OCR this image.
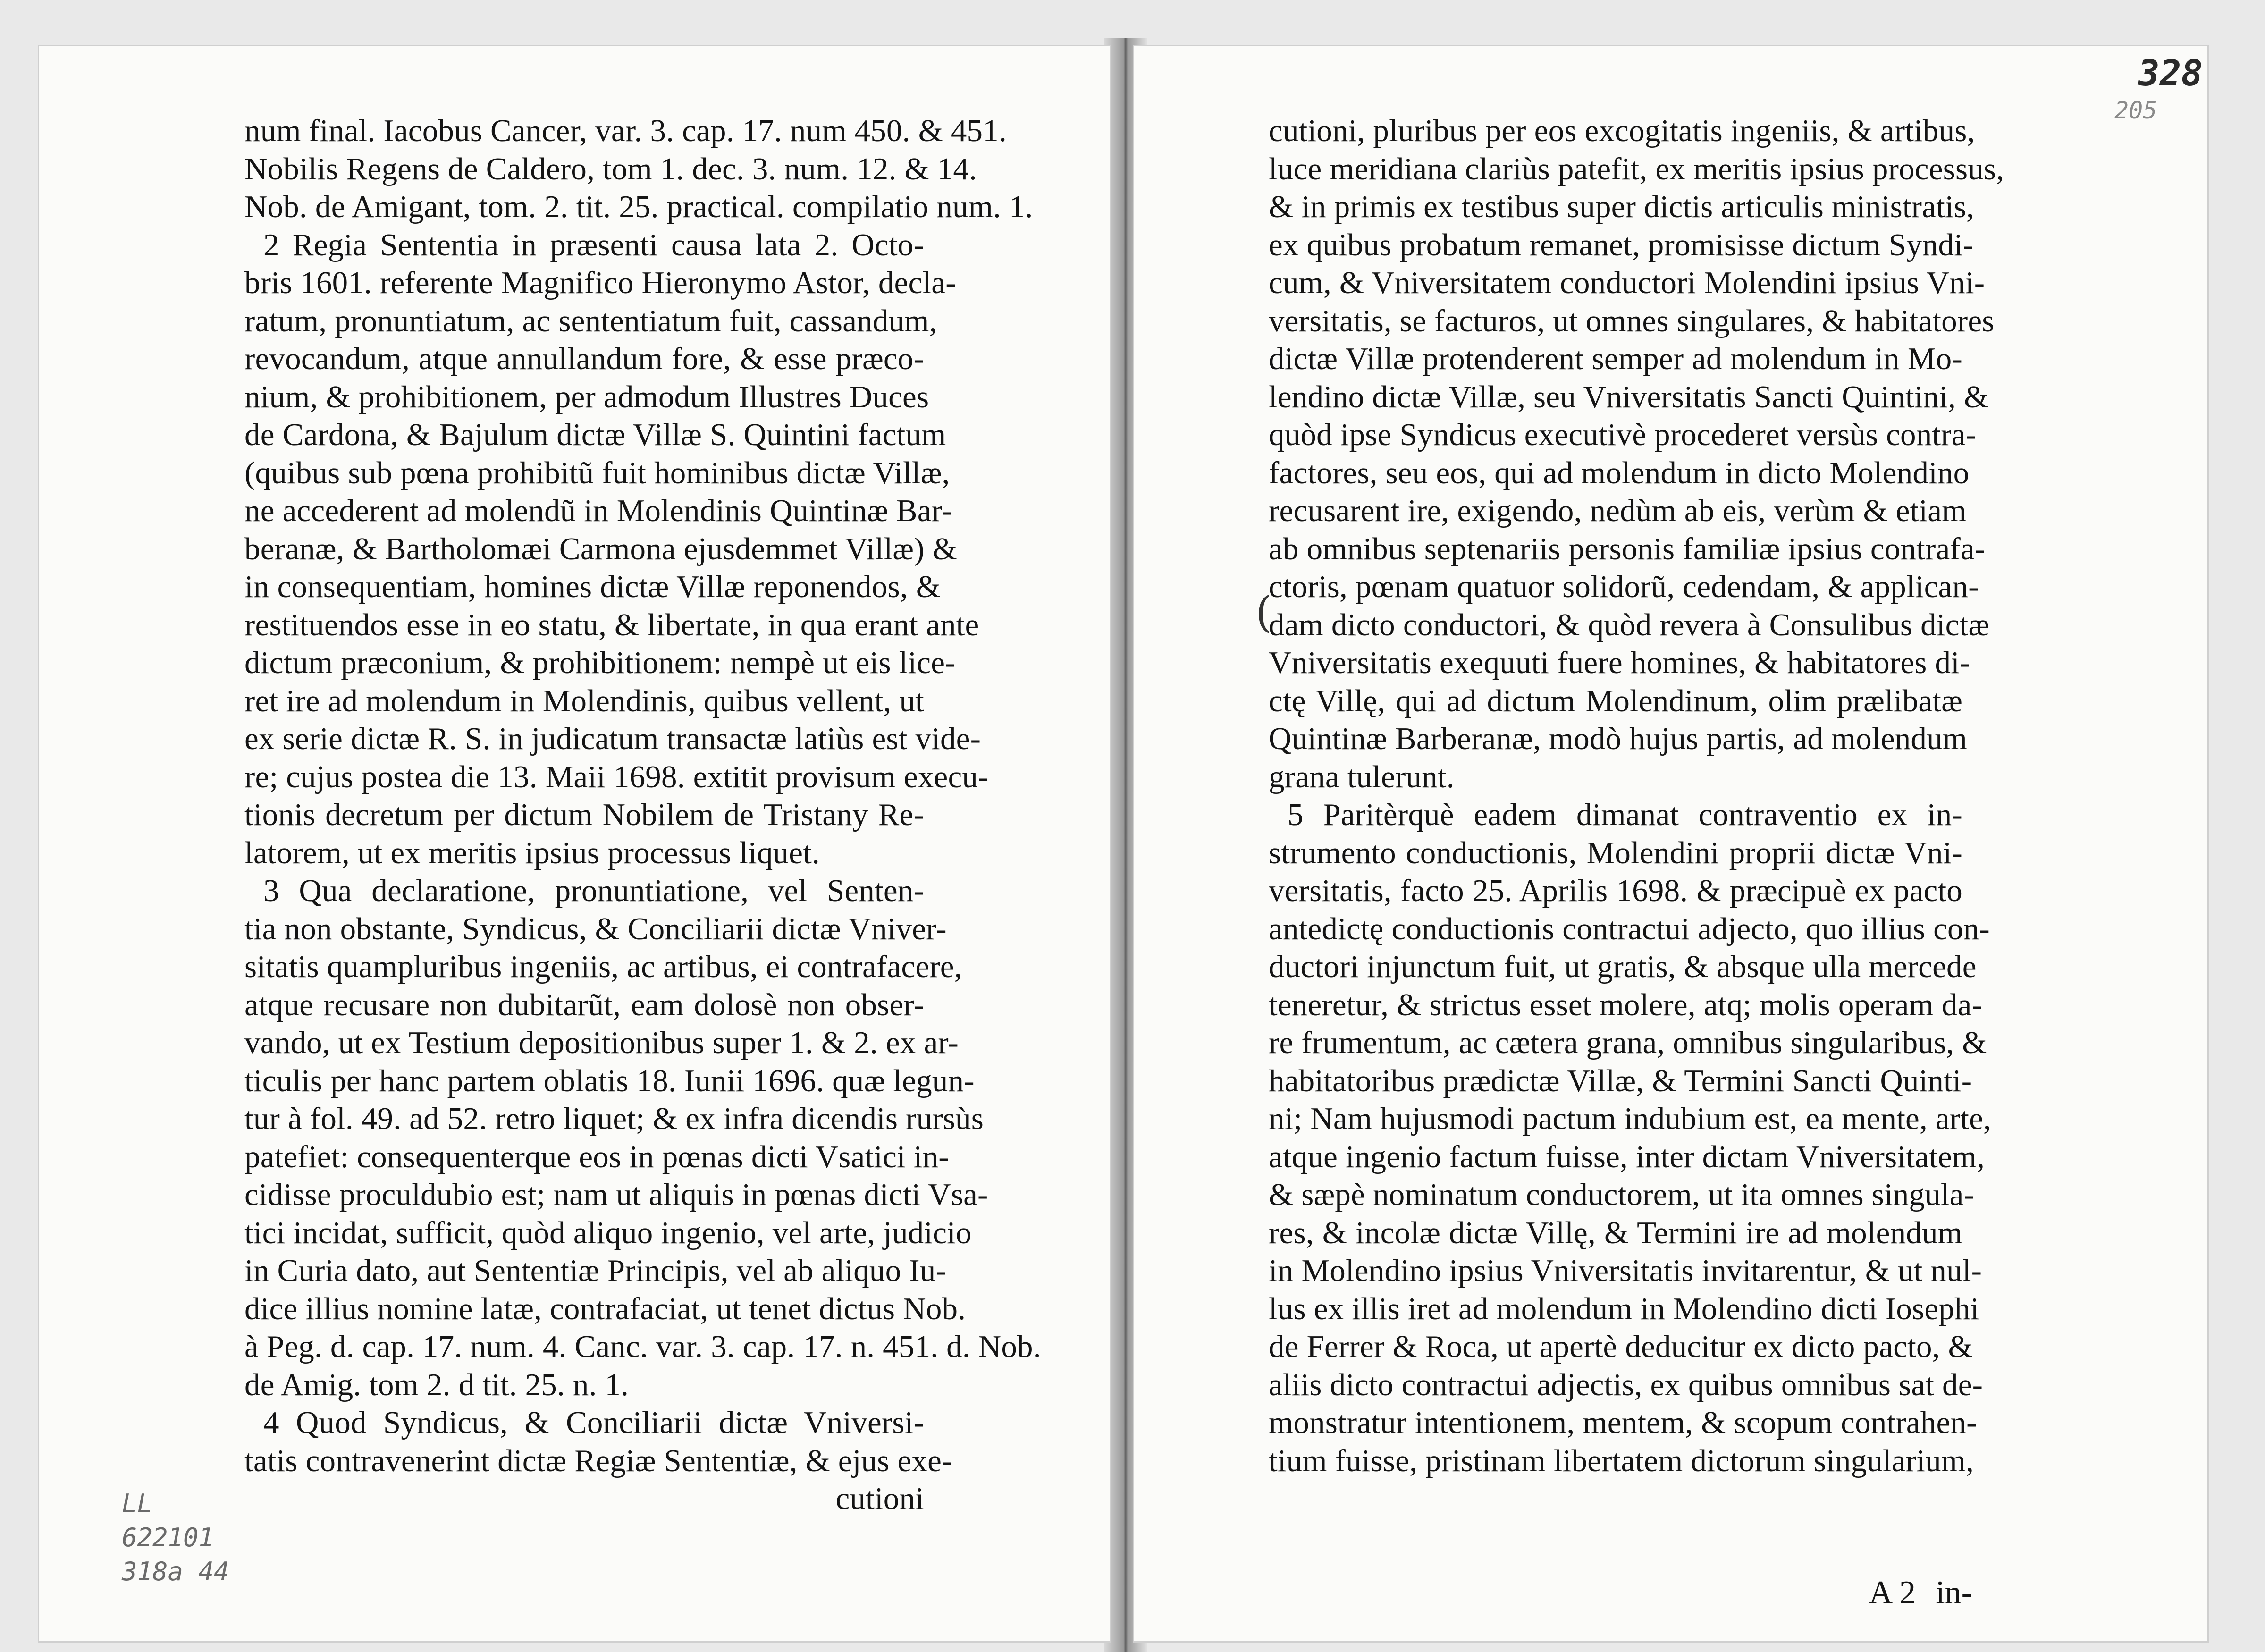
num final. Iacobus Cancer, var. 3. cap. 17. num 450. & 451.
Nobilis Regens de Caldero, tom 1. dec. 3. num. 12. & 14.
Nob. de Amigant, tom. 2. tit. 25. practical. compilatio num. 1.
2 Regia Sententia in præsenti causa lata 2. Octo-
bris 1601. referente Magnifico Hieronymo Astor, decla-
ratum, pronuntiatum, ac sententiatum fuit, cassandum,
revocandum, atque annullandum fore, & esse præco-
nium, & prohibitionem, per admodum Illustres Duces
de Cardona, & Bajulum dictæ Villæ S. Quintini factum
(quibus sub pœna prohibitũ fuit hominibus dictæ Villæ,
ne accederent ad molendũ in Molendinis Quintinæ Bar-
beranæ, & Bartholomæi Carmona ejusdemmet Villæ) &
in consequentiam, homines dictæ Villæ reponendos, &
restituendos esse in eo statu, & libertate, in qua erant ante
dictum præconium, & prohibitionem: nempè ut eis lice-
ret ire ad molendum in Molendinis, quibus vellent, ut
ex serie dictæ R. S. in judicatum transactæ latiùs est vide-
re; cujus postea die 13. Maii 1698. extitit provisum execu-
tionis decretum per dictum Nobilem de Tristany Re-
latorem, ut ex meritis ipsius processus liquet.
3 Qua declaratione, pronuntiatione, vel Senten-
tia non obstante, Syndicus, & Conciliarii dictæ Vniver-
sitatis quampluribus ingeniis, ac artibus, ei contrafacere,
atque recusare non dubitarũt, eam dolosè non obser-
vando, ut ex Testium depositionibus super 1. & 2. ex ar-
ticulis per hanc partem oblatis 18. Iunii 1696. quæ legun-
tur à fol. 49. ad 52. retro liquet; & ex infra dicendis rursùs
patefiet: consequenterque eos in pœnas dicti Vsatici in-
cidisse proculdubio est; nam ut aliquis in pœnas dicti Vsa-
tici incidat, sufficit, quòd aliquo ingenio, vel arte, judicio
in Curia dato, aut Sententiæ Principis, vel ab aliquo Iu-
dice illius nomine latæ, contrafaciat, ut tenet dictus Nob.
à Peg. d. cap. 17. num. 4. Canc. var. 3. cap. 17. n. 451. d. Nob.
de Amig. tom 2. d tit. 25. n. 1.
4 Quod Syndicus, & Conciliarii dictæ Vniversi-
tatis contravenerint dictæ Regiæ Sententiæ, & ejus exe-
cutioni
cutioni, pluribus per eos excogitatis ingeniis, & artibus,
luce meridiana clariùs patefit, ex meritis ipsius processus,
& in primis ex testibus super dictis articulis ministratis,
ex quibus probatum remanet, promisisse dictum Syndi-
cum, & Vniversitatem conductori Molendini ipsius Vni-
versitatis, se facturos, ut omnes singulares, & habitatores
dictæ Villæ protenderent semper ad molendum in Mo-
lendino dictæ Villæ, seu Vniversitatis Sancti Quintini, &
quòd ipse Syndicus executivè procederet versùs contra-
factores, seu eos, qui ad molendum in dicto Molendino
recusarent ire, exigendo, nedùm ab eis, verùm & etiam
ab omnibus septenariis personis familiæ ipsius contrafa-
ctoris, pœnam quatuor solidorũ, cedendam, & applican-
dam dicto conductori, & quòd revera à Consulibus dictæ
Vniversitatis exequuti fuere homines, & habitatores di-
ctę Villę, qui ad dictum Molendinum, olim prælibatæ
Quintinæ Barberanæ, modò hujus partis, ad molendum
grana tulerunt.
5 Paritèrquè eadem dimanat contraventio ex in-
strumento conductionis, Molendini proprii dictæ Vni-
versitatis, facto 25. Aprilis 1698. & præcipuè ex pacto
antedictę conductionis contractui adjecto, quo illius con-
ductori injunctum fuit, ut gratis, & absque ulla mercede
teneretur, & strictus esset molere, atq; molis operam da-
re frumentum, ac cætera grana, omnibus singularibus, &
habitatoribus prædictæ Villæ, & Termini Sancti Quinti-
ni; Nam hujusmodi pactum indubium est, ea mente, arte,
atque ingenio factum fuisse, inter dictam Vniversitatem,
& sæpè nominatum conductorem, ut ita omnes singula-
res, & incolæ dictæ Villę, & Termini ire ad molendum
in Molendino ipsius Vniversitatis invitarentur, & ut nul-
lus ex illis iret ad molendum in Molendino dicti Iosephi
de Ferrer & Roca, ut apertè deducitur ex dicto pacto, &
aliis dicto contractui adjectis, ex quibus omnibus sat de-
monstratur intentionem, mentem, & scopum contrahen-
tium fuisse, pristinam libertatem dictorum singularium,
(
A 2 in-
328
205
LL
622101
318a 44
